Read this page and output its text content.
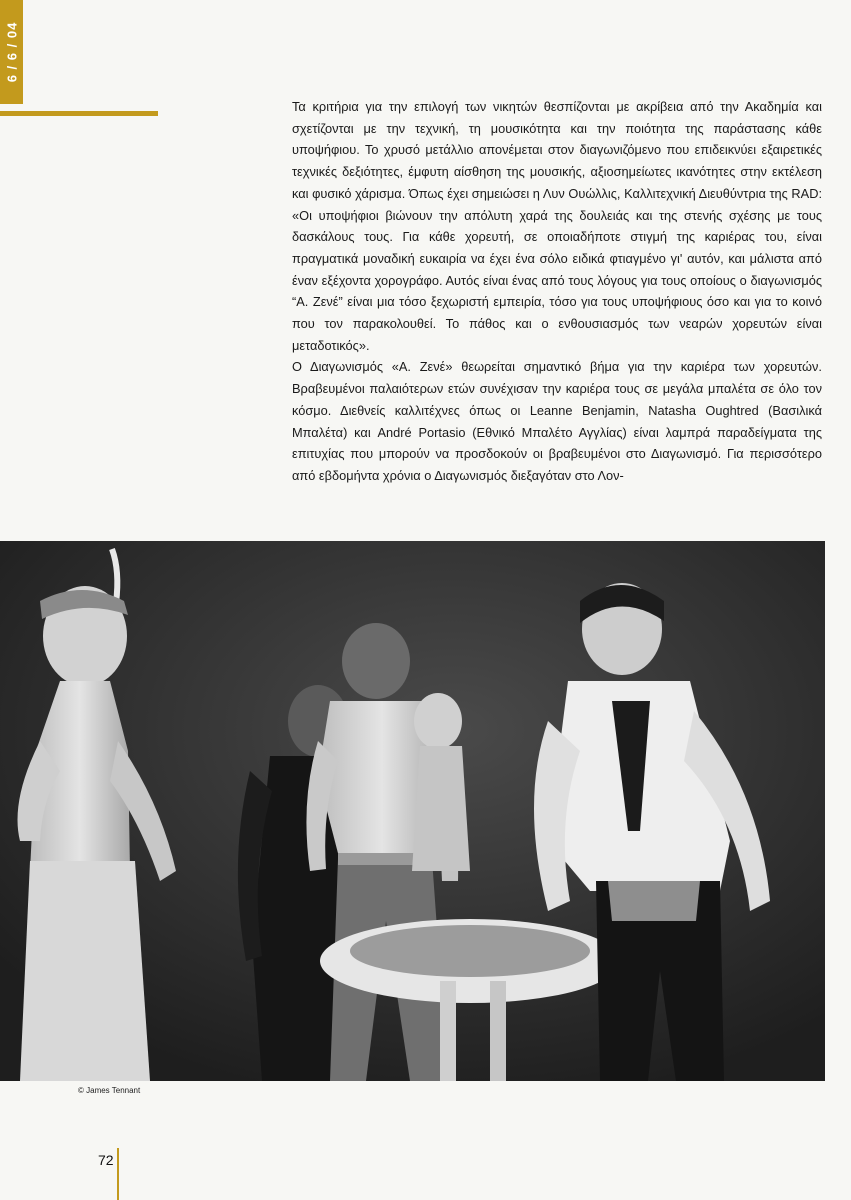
6 / 6 / 04

Τα κριτήρια για την επιλογή των νικητών θεσπίζονται με ακρίβεια από την Ακαδημία και σχετίζονται με την τεχνική, τη μουσικότητα και την ποιότητα της παράστασης κάθε υποψήφιου. Το χρυσό μετάλλιο απονέμεται στον διαγωνιζόμενο που επιδεικνύει εξαιρετικές τεχνικές δεξιότητες, έμφυτη αίσθηση της μουσικής, αξιοσημείωτες ικανότητες στην εκτέλεση και φυσικό χάρισμα. Όπως έχει σημειώσει η Λυν Ουώλλις, Καλλιτεχνική Διευθύντρια της RAD: «Οι υποψήφιοι βιώνουν την απόλυτη χαρά της δουλειάς και της στενής σχέσης με τους δασκάλους τους. Για κάθε χορευτή, σε οποιαδήποτε στιγμή της καριέρας του, είναι πραγματικά μοναδική ευκαιρία να έχει ένα σόλο ειδικά φτιαγμένο γι' αυτόν, και μάλιστα από έναν εξέχοντα χορογράφο. Αυτός είναι ένας από τους λόγους για τους οποίους ο διαγωνισμός “Α. Ζενέ” είναι μια τόσο ξεχωριστή εμπειρία, τόσο για τους υποψήφιους όσο και για το κοινό που τον παρακολουθεί. Το πάθος και ο ενθουσιασμός των νεαρών χορευτών είναι μεταδοτικός».

Ο Διαγωνισμός «Α. Ζενέ» θεωρείται σημαντικό βήμα για την καριέρα των χορευτών. Βραβευμένοι παλαιότερων ετών συνέχισαν την καριέρα τους σε μεγάλα μπαλέτα σε όλο τον κόσμο. Διεθνείς καλλιτέχνες όπως οι Leanne Benjamin, Natasha Oughtred (Βασιλικά Μπαλέτα) και André Portasio (Εθνικό Μπαλέτο Αγγλίας) είναι λαμπρά παραδείγματα της επιτυχίας που μπορούν να προσδοκούν οι βραβευμένοι στο Διαγωνισμό. Για περισσότερο από εβδομήντα χρόνια ο Διαγωνισμός διεξαγόταν στο Λον-

© James Tennant
72
